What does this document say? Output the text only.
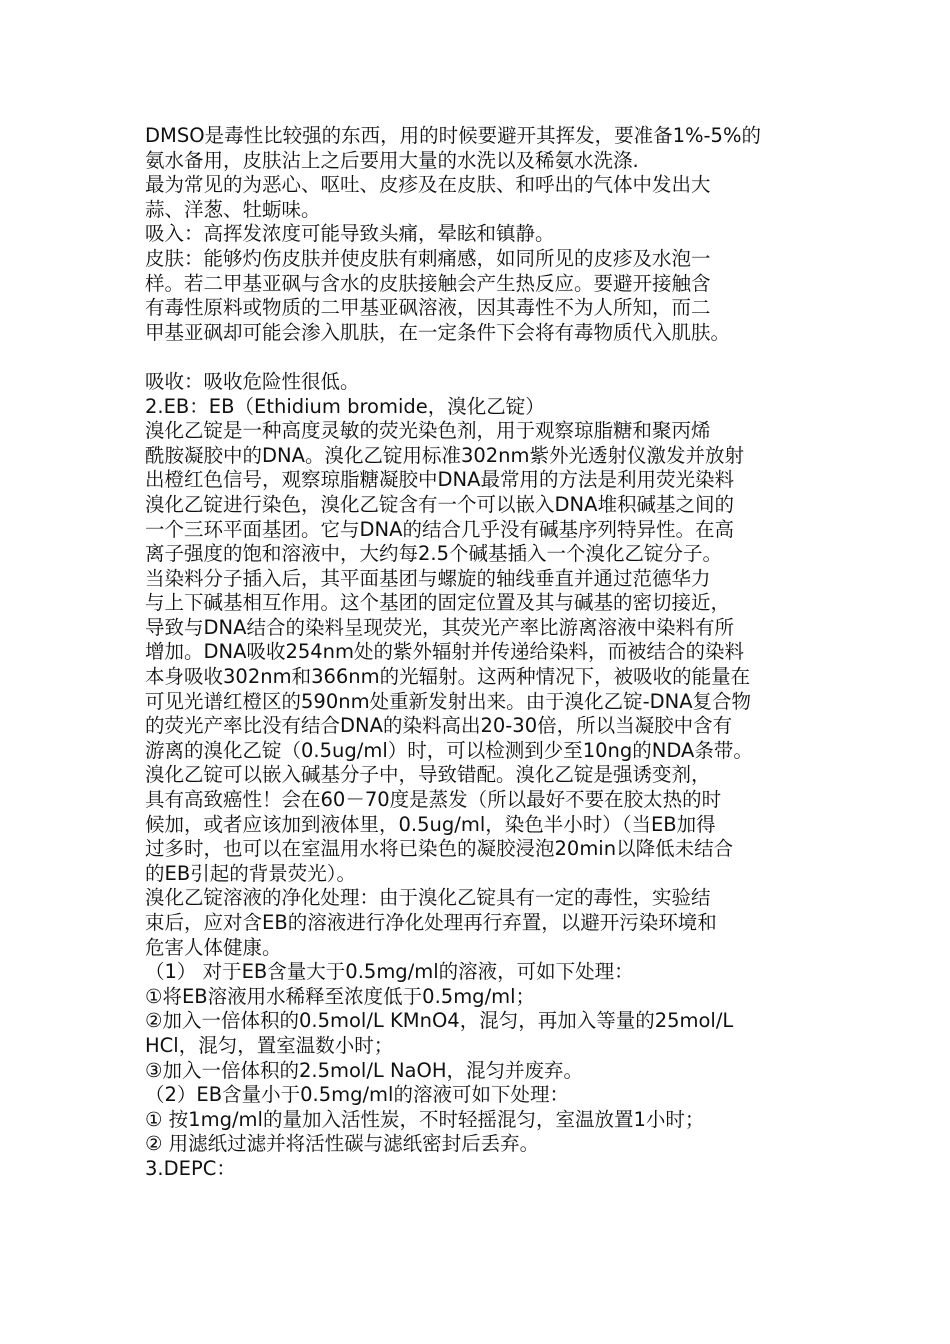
DMSO是毒性比较强的东西，用的时候要避开其挥发，要准备1%-5%的
氨水备用，皮肤沾上之后要用大量的水洗以及稀氨水洗涤.
最为常见的为恶心、呕吐、皮疹及在皮肤、和呼出的气体中发出大
蒜、洋葱、牡蛎味。
吸入：高挥发浓度可能导致头痛，晕眩和镇静。
皮肤：能够灼伤皮肤并使皮肤有刺痛感，如同所见的皮疹及水泡一
样。若二甲基亚砜与含水的皮肤接触会产生热反应。要避开接触含
有毒性原料或物质的二甲基亚砜溶液，因其毒性不为人所知，而二
甲基亚砜却可能会渗入肌肤，在一定条件下会将有毒物质代入肌肤。
吸收：吸收危险性很低。
2.EB：EB（Ethidium bromide，溴化乙锭）
溴化乙锭是一种高度灵敏的荧光染色剂，用于观察琼脂糖和聚丙烯
酰胺凝胶中的DNA。溴化乙锭用标准302nm紫外光透射仪激发并放射
出橙红色信号，观察琼脂糖凝胶中DNA最常用的方法是利用荧光染料
溴化乙锭进行染色，溴化乙锭含有一个可以嵌入DNA堆积碱基之间的
一个三环平面基团。它与DNA的结合几乎没有碱基序列特异性。在高
离子强度的饱和溶液中，大约每2.5个碱基插入一个溴化乙锭分子。
当染料分子插入后，其平面基团与螺旋的轴线垂直并通过范德华力
与上下碱基相互作用。这个基团的固定位置及其与碱基的密切接近，
导致与DNA结合的染料呈现荧光，其荧光产率比游离溶液中染料有所
增加。DNA吸收254nm处的紫外辐射并传递给染料，而被结合的染料
本身吸收302nm和366nm的光辐射。这两种情况下，被吸收的能量在
可见光谱红橙区的590nm处重新发射出来。由于溴化乙锭-DNA复合物
的荧光产率比没有结合DNA的染料高出20-30倍，所以当凝胶中含有
游离的溴化乙锭（0.5ug/ml）时，可以检测到少至10ng的NDA条带。
溴化乙锭可以嵌入碱基分子中，导致错配。溴化乙锭是强诱变剂，
具有高致癌性！会在60－70度是蒸发（所以最好不要在胶太热的时
候加，或者应该加到液体里，0.5ug/ml，染色半小时）（当EB加得
过多时，也可以在室温用水将已染色的凝胶浸泡20min以降低未结合
的EB引起的背景荧光）。
溴化乙锭溶液的净化处理：由于溴化乙锭具有一定的毒性，实验结
束后，应对含EB的溶液进行净化处理再行弃置，以避开污染环境和
危害人体健康。
（1） 对于EB含量大于0.5mg/ml的溶液，可如下处理：
①将EB溶液用水稀释至浓度低于0.5mg/ml；
②加入一倍体积的0.5mol/L KMnO4，混匀，再加入等量的25mol/L
HCl，混匀，置室温数小时；
③加入一倍体积的2.5mol/L NaOH，混匀并废弃。
（2）EB含量小于0.5mg/ml的溶液可如下处理：
① 按1mg/ml的量加入活性炭，不时轻摇混匀，室温放置1小时；
② 用滤纸过滤并将活性碳与滤纸密封后丢弃。
3.DEPC：
